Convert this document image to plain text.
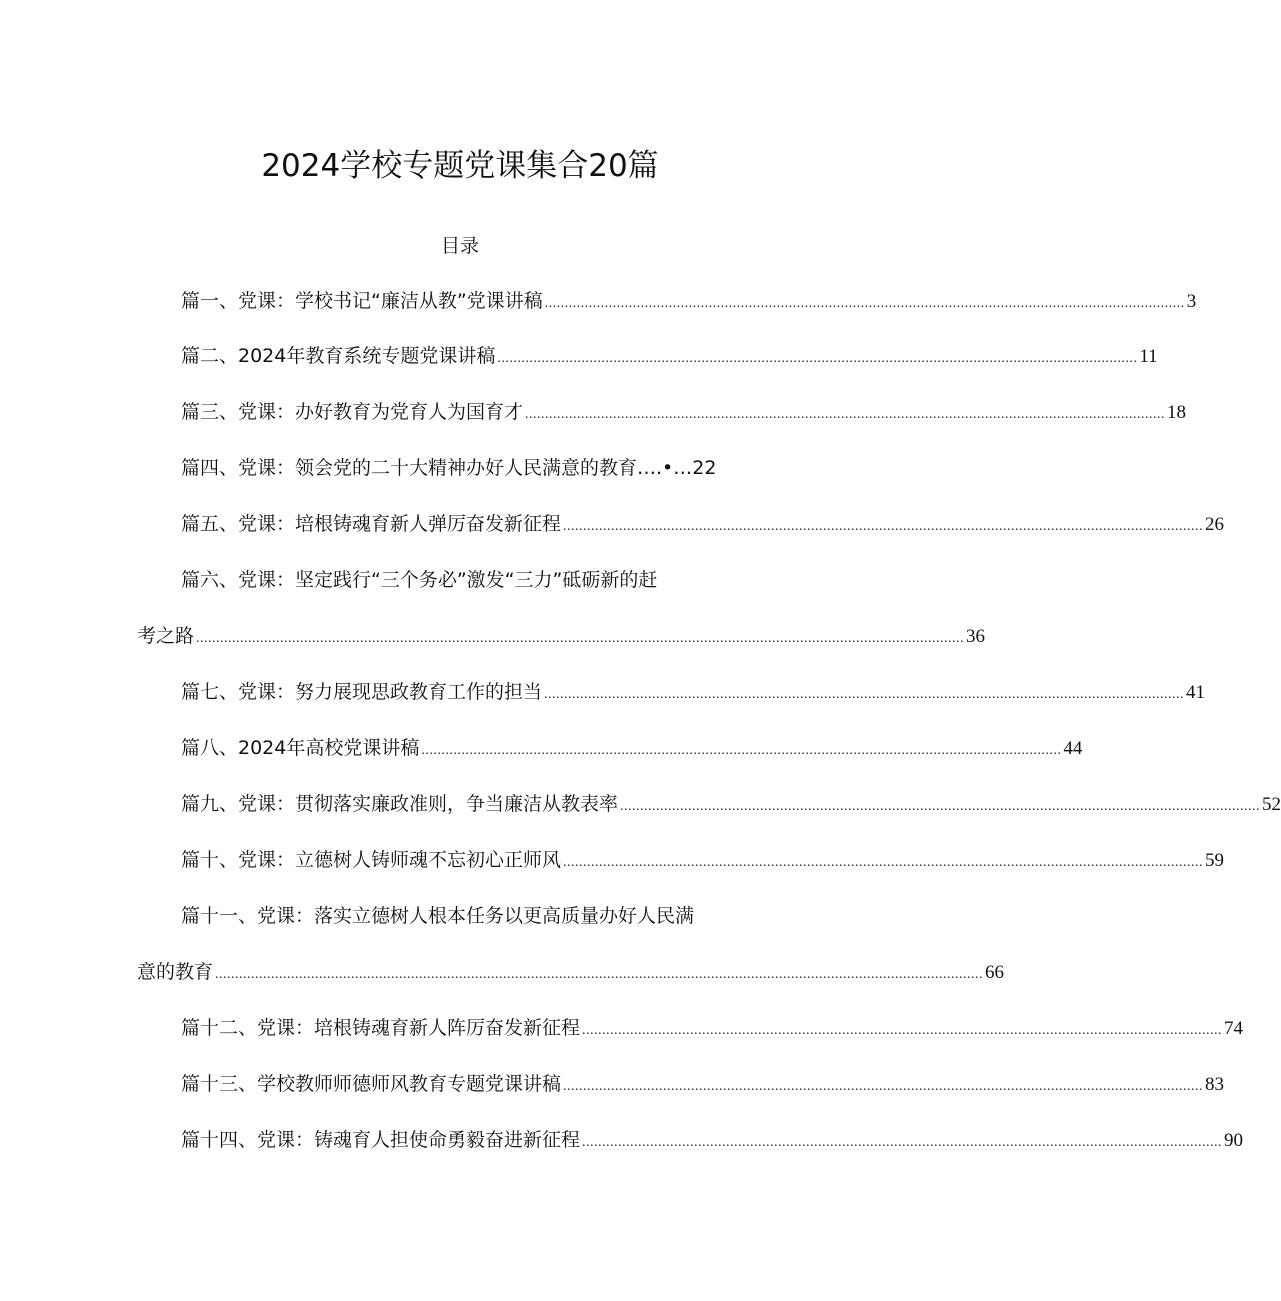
2024学校专题党课集合20篇
目录
篇一、党课：学校书记“廉洁从教”党课讲稿 ................................................................................................................................................................ 3
篇二、2024年教育系统专题党课讲稿 ................................................................................................................................................................ 11
篇三、党课：办好教育为党育人为国育才 ................................................................................................................................................................ 18
篇四、党课：领会党的二十大精神办好人民满意的教育….•…22
篇五、党课：培根铸魂育新人弹厉奋发新征程 ................................................................................................................................................................ 26
篇六、党课：坚定践行“三个务必”激发“三力”砥砺新的赶
考之路 ................................................................................................................................................................................................ 36
篇七、党课：努力展现思政教育工作的担当 ................................................................................................................................................................ 41
篇八、2024年高校党课讲稿 ................................................................................................................................................................ 44
篇九、党课：贯彻落实廉政准则，争当廉洁从教表率 ................................................................................................................................................................ 52
篇十、党课：立德树人铸师魂不忘初心正师风 ................................................................................................................................................................ 59
篇十一、党课：落实立德树人根本任务以更高质量办好人民满
意的教育 ................................................................................................................................................................................................ 66
篇十二、党课：培根铸魂育新人阵厉奋发新征程 ................................................................................................................................................................ 74
篇十三、学校教师师德师风教育专题党课讲稿 ................................................................................................................................................................ 83
篇十四、党课：铸魂育人担使命勇毅奋进新征程 ................................................................................................................................................................ 90
